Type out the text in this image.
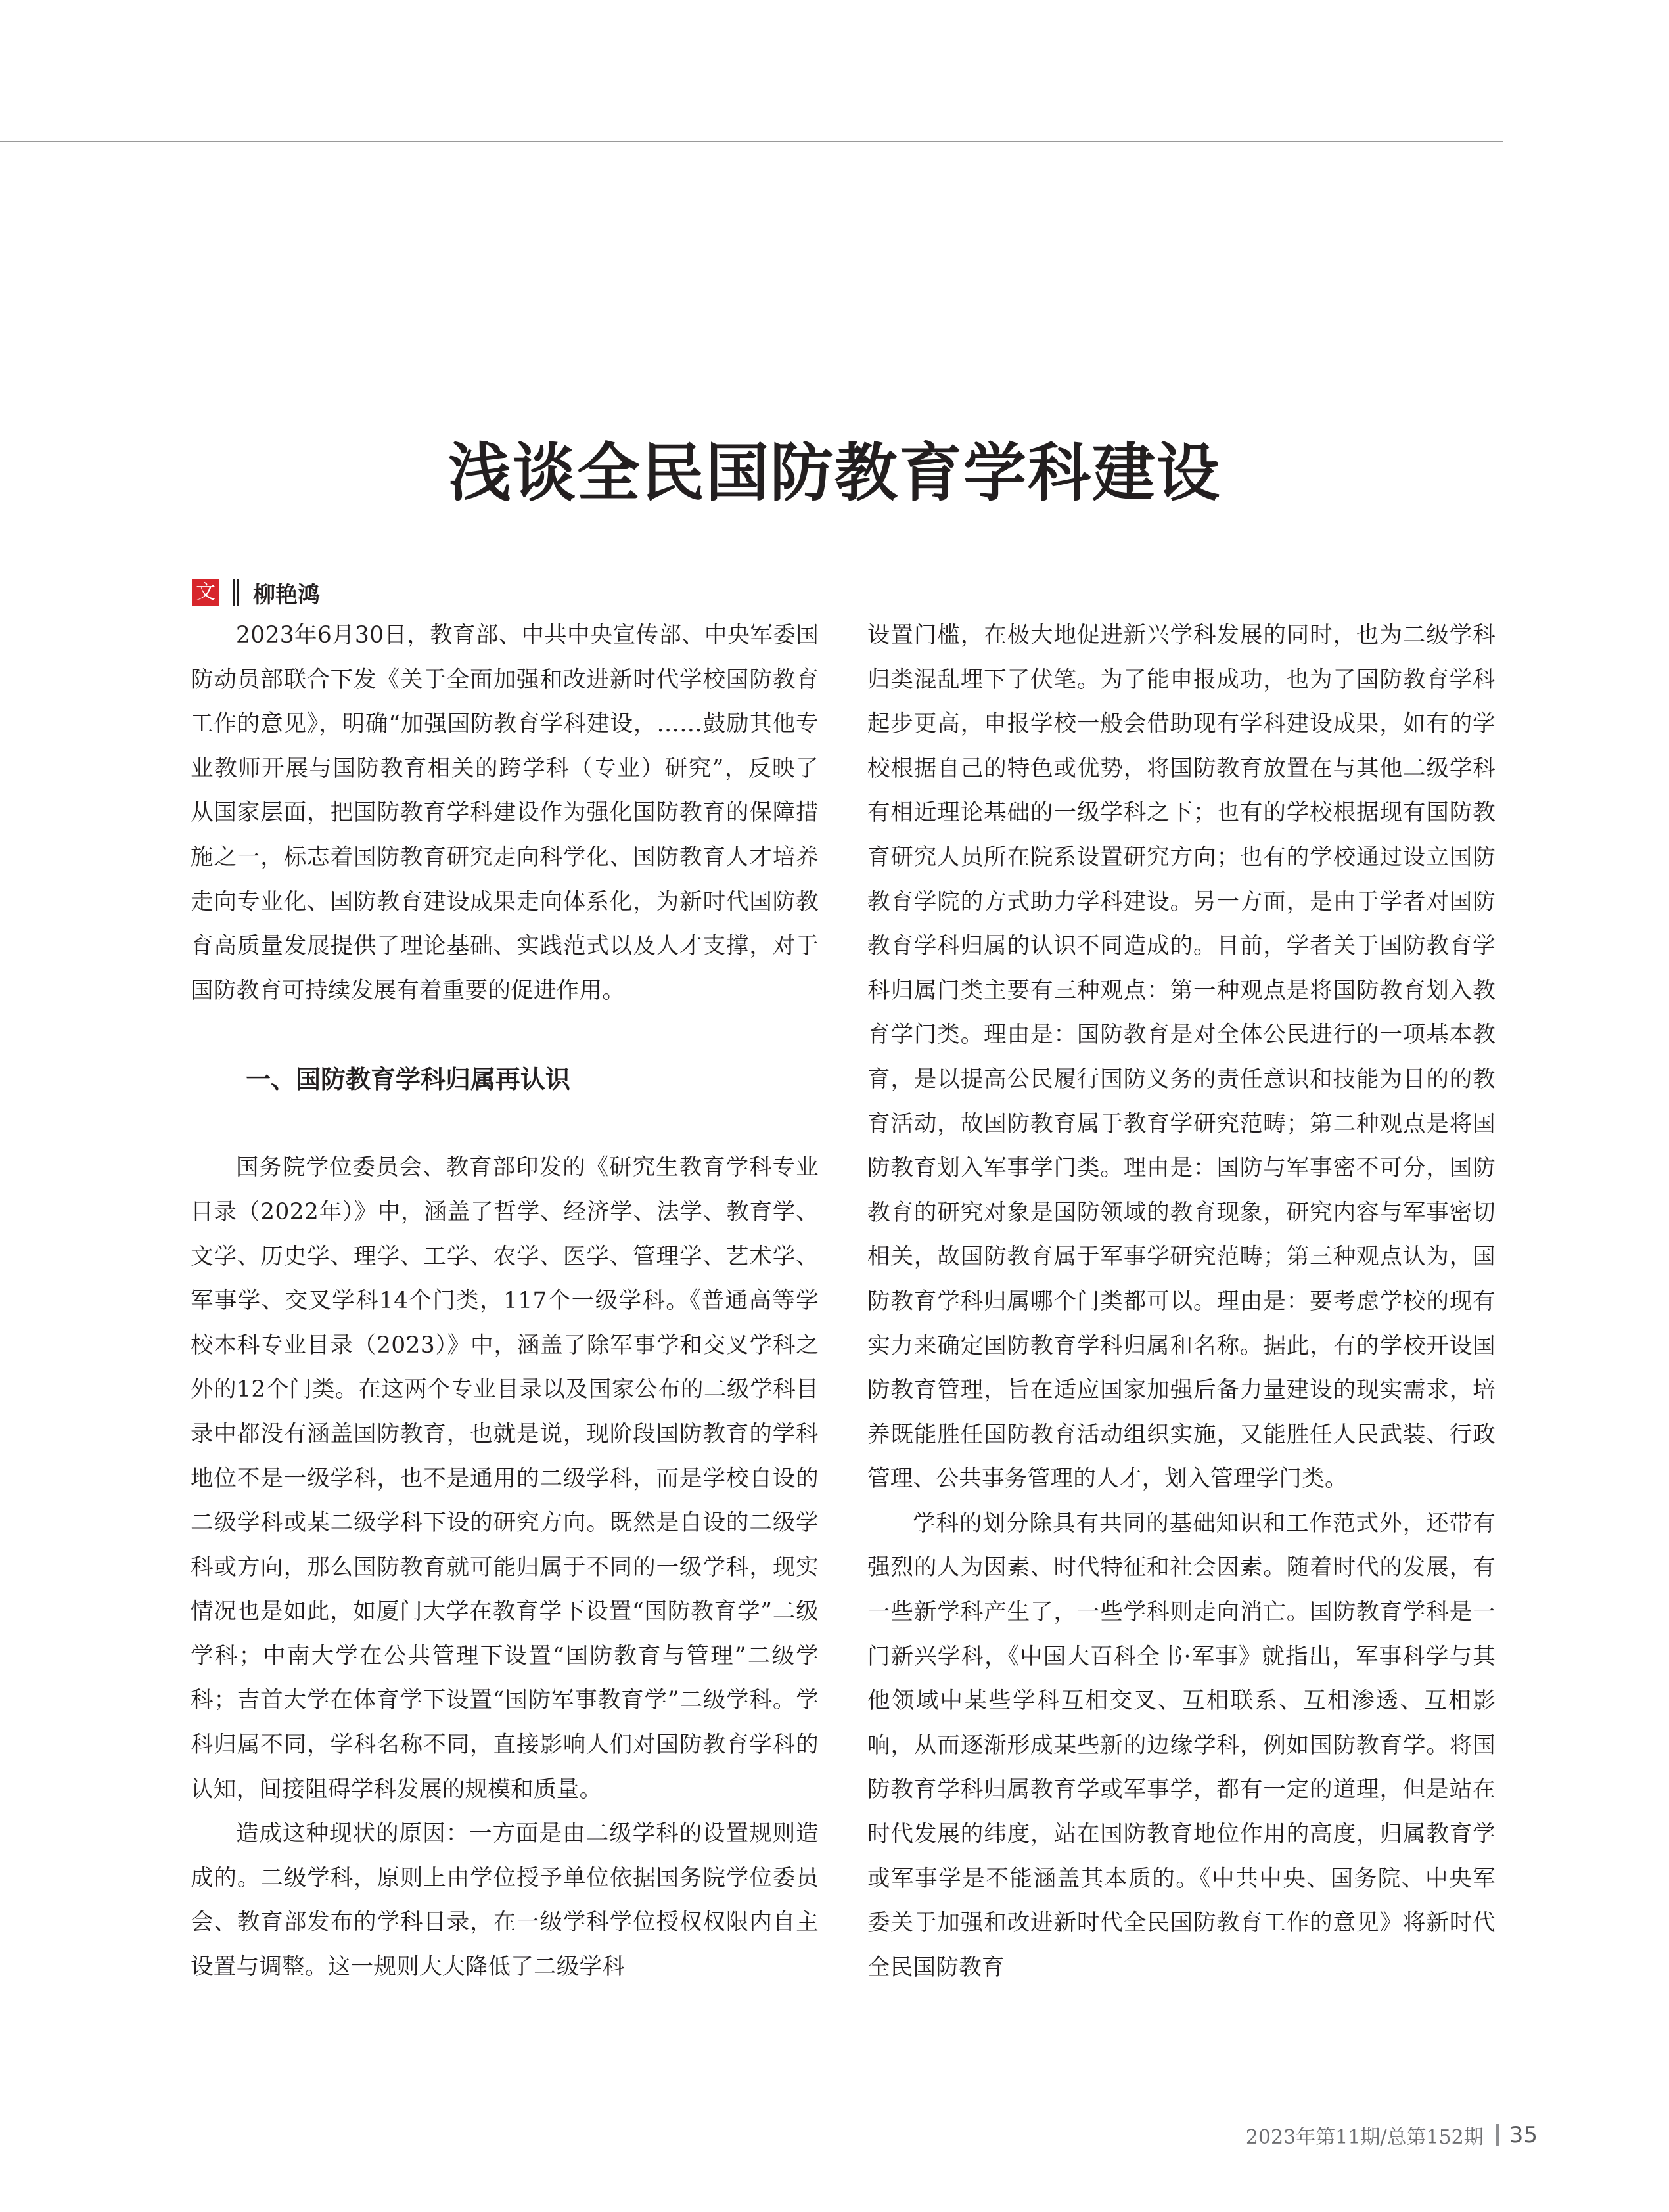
浅谈全民国防教育学科建设
文 柳艳鸿

2023年6月30日，教育部、中共中央宣传部、中央军委国防动员部联合下发《关于全面加强和改进新时代学校国防教育工作的意见》，明确“加强国防教育学科建设，……鼓励其他专业教师开展与国防教育相关的跨学科（专业）研究”，反映了从国家层面，把国防教育学科建设作为强化国防教育的保障措施之一，标志着国防教育研究走向科学化、国防教育人才培养走向专业化、国防教育建设成果走向体系化，为新时代国防教育高质量发展提供了理论基础、实践范式以及人才支撑，对于国防教育可持续发展有着重要的促进作用。

一、国防教育学科归属再认识

国务院学位委员会、教育部印发的《研究生教育学科专业目录（2022年）》中，涵盖了哲学、经济学、法学、教育学、文学、历史学、理学、工学、农学、医学、管理学、艺术学、军事学、交叉学科14个门类，117个一级学科。《普通高等学校本科专业目录（2023）》中，涵盖了除军事学和交叉学科之外的12个门类。在这两个专业目录以及国家公布的二级学科目录中都没有涵盖国防教育，也就是说，现阶段国防教育的学科地位不是一级学科，也不是通用的二级学科，而是学校自设的二级学科或某二级学科下设的研究方向。既然是自设的二级学科或方向，那么国防教育就可能归属于不同的一级学科，现实情况也是如此，如厦门大学在教育学下设置“国防教育学”二级学科；中南大学在公共管理下设置“国防教育与管理”二级学科；吉首大学在体育学下设置“国防军事教育学”二级学科。学科归属不同，学科名称不同，直接影响人们对国防教育学科的认知，间接阻碍学科发展的规模和质量。

造成这种现状的原因：一方面是由二级学科的设置规则造成的。二级学科，原则上由学位授予单位依据国务院学位委员会、教育部发布的学科目录，在一级学科学位授权权限内自主设置与调整。这一规则大大降低了二级学科

设置门槛，在极大地促进新兴学科发展的同时，也为二级学科归类混乱埋下了伏笔。为了能申报成功，也为了国防教育学科起步更高，申报学校一般会借助现有学科建设成果，如有的学校根据自己的特色或优势，将国防教育放置在与其他二级学科有相近理论基础的一级学科之下；也有的学校根据现有国防教育研究人员所在院系设置研究方向；也有的学校通过设立国防教育学院的方式助力学科建设。另一方面，是由于学者对国防教育学科归属的认识不同造成的。目前，学者关于国防教育学科归属门类主要有三种观点：第一种观点是将国防教育划入教育学门类。理由是：国防教育是对全体公民进行的一项基本教育，是以提高公民履行国防义务的责任意识和技能为目的的教育活动，故国防教育属于教育学研究范畴；第二种观点是将国防教育划入军事学门类。理由是：国防与军事密不可分，国防教育的研究对象是国防领域的教育现象，研究内容与军事密切相关，故国防教育属于军事学研究范畴；第三种观点认为，国防教育学科归属哪个门类都可以。理由是：要考虑学校的现有实力来确定国防教育学科归属和名称。据此，有的学校开设国防教育管理，旨在适应国家加强后备力量建设的现实需求，培养既能胜任国防教育活动组织实施，又能胜任人民武装、行政管理、公共事务管理的人才，划入管理学门类。

学科的划分除具有共同的基础知识和工作范式外，还带有强烈的人为因素、时代特征和社会因素。随着时代的发展，有一些新学科产生了，一些学科则走向消亡。国防教育学科是一门新兴学科，《中国大百科全书·军事》就指出，军事科学与其他领域中某些学科互相交叉、互相联系、互相渗透、互相影响，从而逐渐形成某些新的边缘学科，例如国防教育学。将国防教育学科归属教育学或军事学，都有一定的道理，但是站在时代发展的纬度，站在国防教育地位作用的高度，归属教育学或军事学是不能涵盖其本质的。《中共中央、国务院、中央军委关于加强和改进新时代全民国防教育工作的意见》将新时代全民国防教育

2023年第11期/总第152期 35
